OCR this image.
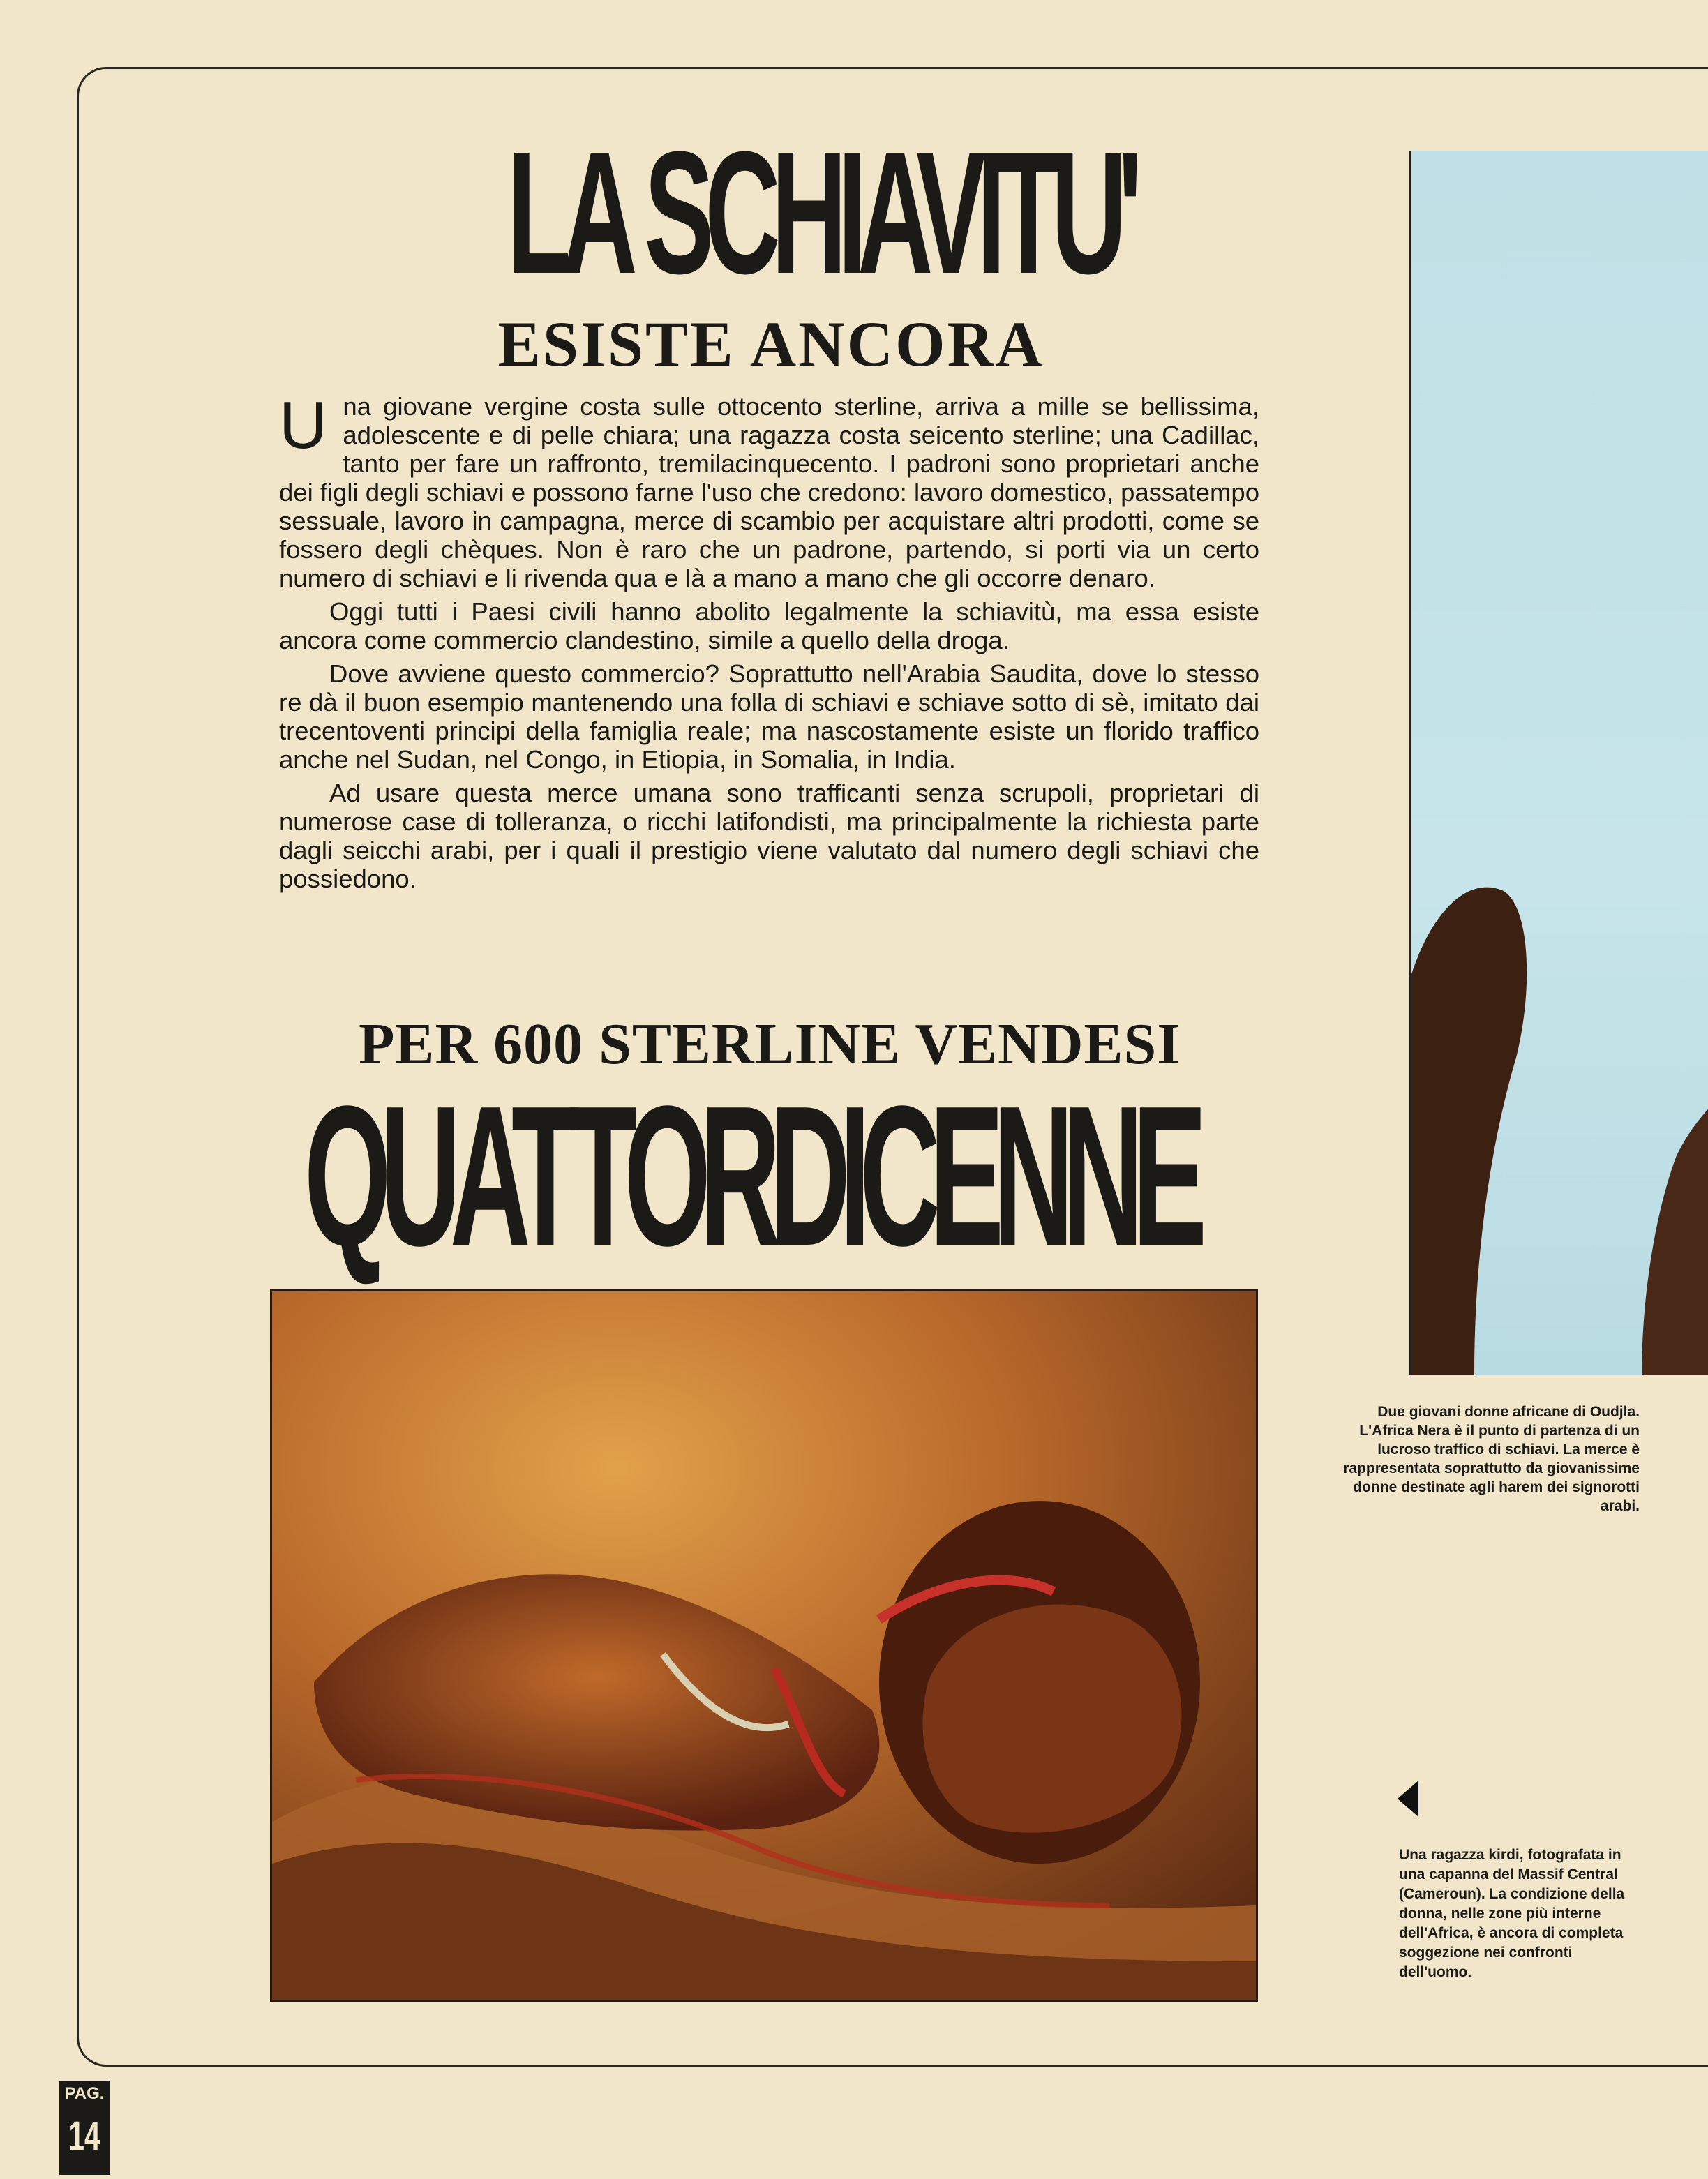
LA SCHIAVITU'
ESISTE ANCORA

Una giovane vergine costa sulle ottocento sterline, arriva a mille se bellissima, adolescente e di pelle chiara; una ragazza costa seicento sterline; una Cadillac, tanto per fare un raffronto, tremilacinquecento. I padroni sono proprietari anche dei figli degli schiavi e possono farne l'uso che credono: lavoro domestico, passatempo sessuale, lavoro in campagna, merce di scambio per acquistare altri prodotti, come se fossero degli chèques. Non è raro che un padrone, partendo, si porti via un certo numero di schiavi e li rivenda qua e là a mano a mano che gli occorre denaro.

Oggi tutti i Paesi civili hanno abolito legalmente la schiavitù, ma essa esiste ancora come commercio clandestino, simile a quello della droga.

Dove avviene questo commercio? Soprattutto nell'Arabia Saudita, dove lo stesso re dà il buon esempio mantenendo una folla di schiavi e schiave sotto di sè, imitato dai trecentoventi principi della famiglia reale; ma nascostamente esiste un florido traffico anche nel Sudan, nel Congo, in Etiopia, in Somalia, in India.

Ad usare questa merce umana sono trafficanti senza scrupoli, proprietari di numerose case di tolleranza, o ricchi latifondisti, ma principalmente la richiesta parte dagli seicchi arabi, per i quali il prestigio viene valutato dal numero degli schiavi che possiedono.

PER 600 STERLINE VENDESI
QUATTORDICENNE
Due giovani donne africane di Oudjla. L'Africa Nera è il punto di partenza di un lucroso traffico di schiavi. La merce è rappresentata soprattutto da giovanissime donne destinate agli harem dei signorotti arabi.
Una ragazza kirdi, fotografata in una capanna del Massif Central (Cameroun). La condizione della donna, nelle zone più interne dell'Africa, è ancora di completa soggezione nei confronti dell'uomo.
PAG.
14
